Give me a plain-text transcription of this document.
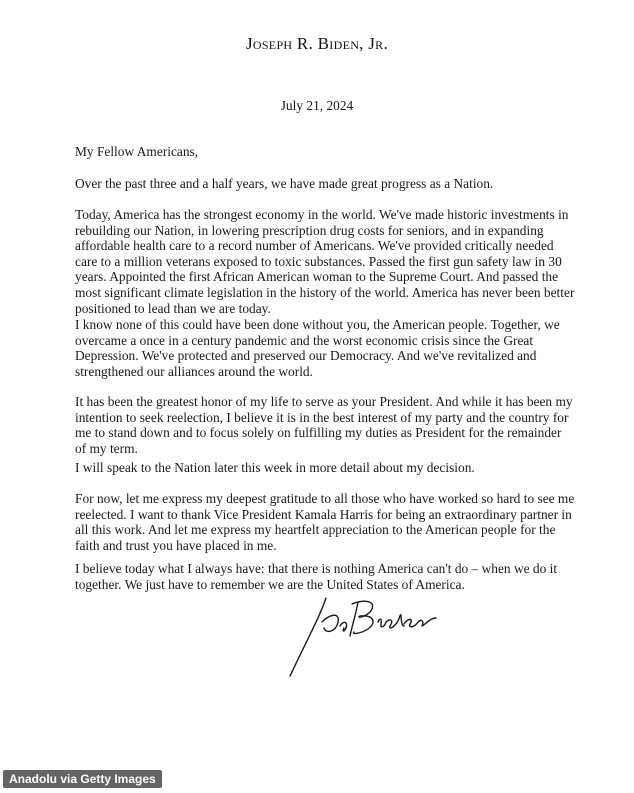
Joseph R. Biden, Jr.
July 21, 2024

My Fellow Americans,

Over the past three and a half years, we have made great progress as a Nation.

Today, America has the strongest economy in the world. We've made historic investments in rebuilding our Nation, in lowering prescription drug costs for seniors, and in expanding affordable health care to a record number of Americans. We've provided critically needed care to a million veterans exposed to toxic substances. Passed the first gun safety law in 30 years. Appointed the first African American woman to the Supreme Court. And passed the most significant climate legislation in the history of the world. America has never been better positioned to lead than we are today.

I know none of this could have been done without you, the American people. Together, we overcame a once in a century pandemic and the worst economic crisis since the Great Depression. We've protected and preserved our Democracy. And we've revitalized and strengthened our alliances around the world.

It has been the greatest honor of my life to serve as your President. And while it has been my intention to seek reelection, I believe it is in the best interest of my party and the country for me to stand down and to focus solely on fulfilling my duties as President for the remainder of my term.

I will speak to the Nation later this week in more detail about my decision.

For now, let me express my deepest gratitude to all those who have worked so hard to see me reelected. I want to thank Vice President Kamala Harris for being an extraordinary partner in all this work. And let me express my heartfelt appreciation to the American people for the faith and trust you have placed in me.

I believe today what I always have: that there is nothing America can't do – when we do it together. We just have to remember we are the United States of America.

Anadolu via Getty Images
